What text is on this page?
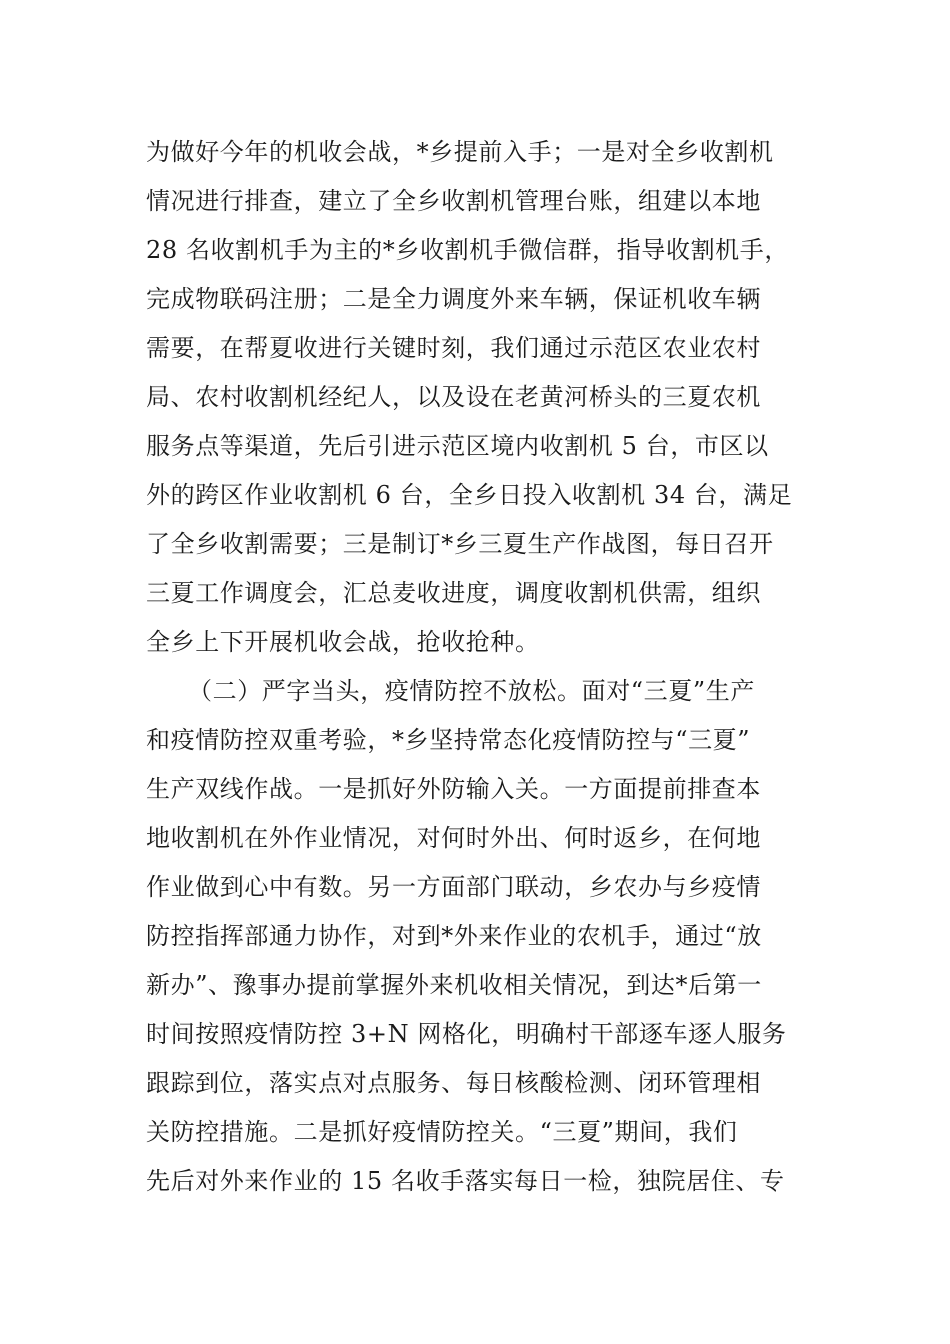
为做好今年的机收会战，*乡提前入手；一是对全乡收割机
情况进行排查，建立了全乡收割机管理台账，组建以本地
28 名收割机手为主的*乡收割机手微信群，指导收割机手，
完成物联码注册；二是全力调度外来车辆，保证机收车辆
需要，在帮夏收进行关键时刻，我们通过示范区农业农村
局、农村收割机经纪人，以及设在老黄河桥头的三夏农机
服务点等渠道，先后引进示范区境内收割机 5 台，市区以
外的跨区作业收割机 6 台，全乡日投入收割机 34 台，满足
了全乡收割需要；三是制订*乡三夏生产作战图，每日召开
三夏工作调度会，汇总麦收进度，调度收割机供需，组织
全乡上下开展机收会战，抢收抢种。
（二）严字当头，疫情防控不放松。面对“三夏”生产
和疫情防控双重考验，*乡坚持常态化疫情防控与“三夏”
生产双线作战。一是抓好外防输入关。一方面提前排查本
地收割机在外作业情况，对何时外出、何时返乡，在何地
作业做到心中有数。另一方面部门联动，乡农办与乡疫情
防控指挥部通力协作，对到*外来作业的农机手，通过“放
新办”、豫事办提前掌握外来机收相关情况，到达*后第一
时间按照疫情防控 3+N 网格化，明确村干部逐车逐人服务
跟踪到位，落实点对点服务、每日核酸检测、闭环管理相
关防控措施。二是抓好疫情防控关。“三夏”期间，我们
先后对外来作业的 15 名收手落实每日一检，独院居住、专
